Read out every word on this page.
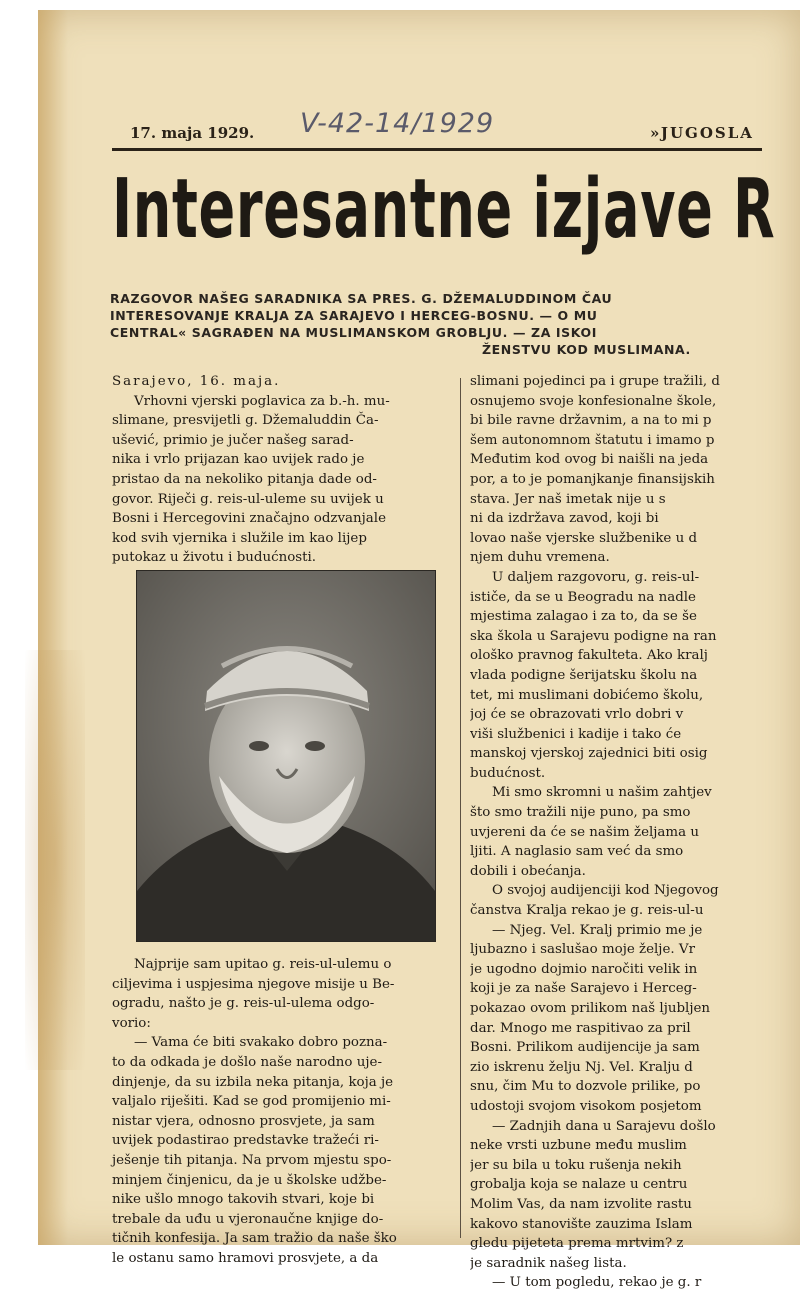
17. maja 1929. V-42-14/1929	»JUGOSLA
Interesantne izjave R
RAZGOVOR NAŠEG SARADNIKA SA PRES. G. DŽEMALUDDINOM ČAU
INTERESOVANJE KRALJA ZA SARAJEVO I HERCEG-BOSNU. — O MU
CENTRAL« SAGRAĐEN NA MUSLIMANSKOM GROBLJU. — ZA ISKOI
ŽENSTVU KOD MUSLIMANA.

Sarajevo, 16. maja.

Vrhovni vjerski poglavica za b.-h. mu-

slimane, presvijetli g. Džemaluddin Ča-

ušević, primio je jučer našeg sarad-

nika i vrlo prijazan kao uvijek rado je

pristao da na nekoliko pitanja dade od-

govor. Riječi g. reis-ul-uleme su uvijek u

Bosni i Hercegovini značajno odzvanjale

kod svih vjernika i služile im kao lijep

putokaz u životu i budućnosti.

Najprije sam upitao g. reis-ul-ulemu o

ciljevima i uspjesima njegove misije u Be-

ogradu, našto je g. reis-ul-ulema odgo-

vorio:

— Vama će biti svakako dobro pozna-

to da odkada je došlo naše narodno uje-

dinjenje, da su izbila neka pitanja, koja je

valjalo riješiti. Kad se god promijenio mi-

nistar vjera, odnosno prosvjete, ja sam

uvijek podastirao predstavke tražeći ri-

ješenje tih pitanja. Na prvom mjestu spo-

minjem činjenicu, da je u školske udžbe-

nike ušlo mnogo takovih stvari, koje bi

trebale da uđu u vjeronaučne knjige do-

tičnih konfesija. Ja sam tražio da naše ško

le ostanu samo hramovi prosvjete, a da

slimani pojedinci pa i grupe tražili, d

osnujemo svoje konfesionalne škole,

bi bile ravne državnim, a na to mi p

šem autonomnom štatutu i imamo p

Međutim kod ovog bi naišli na jeda

por, a to je pomanjkanje finansijskih

stava. Jer naš imetak nije u s

ni da izdržava zavod, koji bi

lovao naše vjerske službenike u d

njem duhu vremena.

U daljem razgovoru, g. reis-ul-

ističe, da se u Beogradu na nadle

mjestima zalagao i za to, da se še

ska škola u Sarajevu podigne na ran

ološko pravnog fakulteta. Ako kralj

vlada podigne šerijatsku školu na

tet, mi muslimani dobićemo školu,

joj će se obrazovati vrlo dobri v

viši službenici i kadije i tako će

manskoj vjerskoj zajednici biti osig

budućnost.

Mi smo skromni u našim zahtjev

što smo tražili nije puno, pa smo

uvjereni da će se našim željama u

ljiti. A naglasio sam već da smo

dobili i obećanja.

O svojoj audijenciji kod Njegovog

čanstva Kralja rekao je g. reis-ul-u

— Njeg. Vel. Kralj primio me je

ljubazno i saslušao moje želje. Vr

je ugodno dojmio naročiti velik in

koji je za naše Sarajevo i Herceg-

pokazao ovom prilikom naš ljubljen

dar. Mnogo me raspitivao za pril

Bosni. Prilikom audijencije ja sam

zio iskrenu želju Nj. Vel. Kralju d

snu, čim Mu to dozvole prilike, po

udostoji svojom visokom posjetom

— Zadnjih dana u Sarajevu došlo

neke vrsti uzbune među muslim

jer su bila u toku rušenja nekih

grobalja koja se nalaze u centru

Molim Vas, da nam izvolite rastu

kakovo stanovište zauzima Islam

gledu pijeteta prema mrtvim? z

je saradnik našeg lista.

— U tom pogledu, rekao je g. r
